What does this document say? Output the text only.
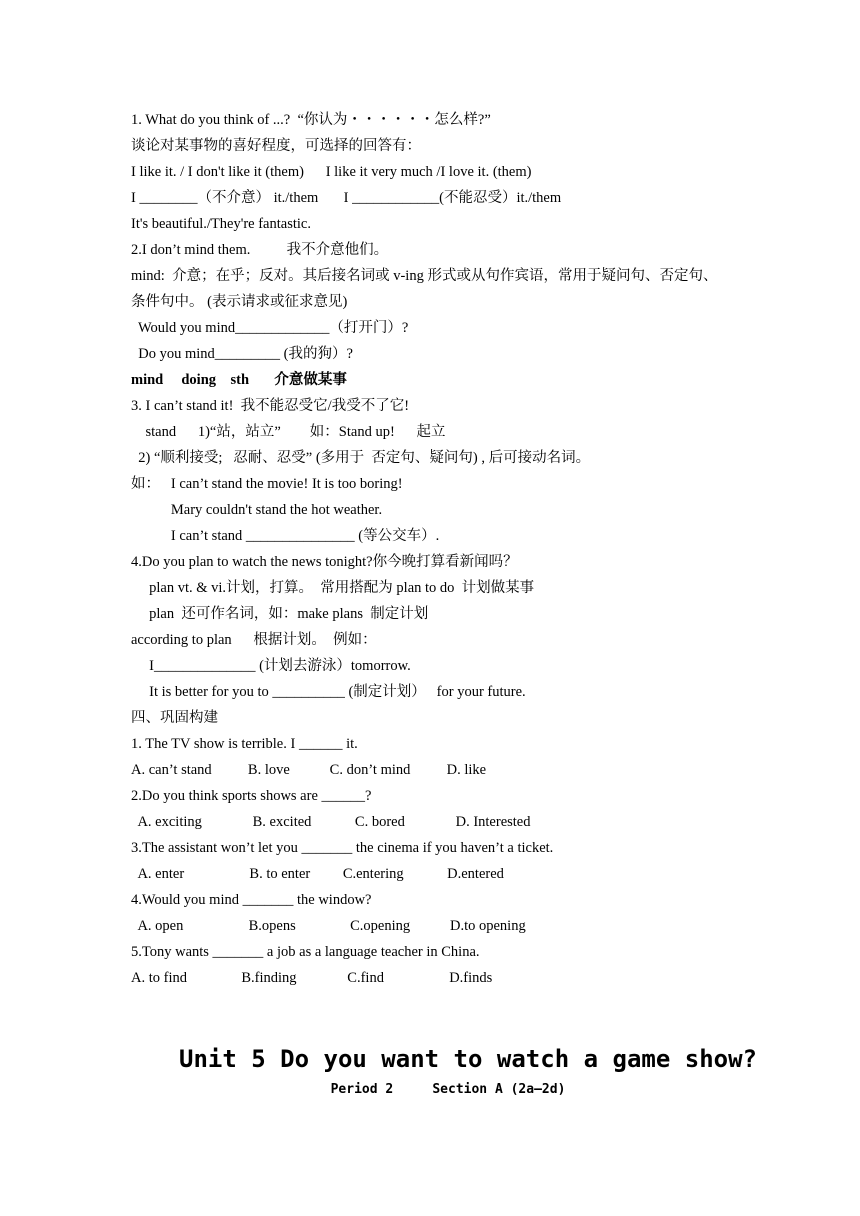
1. What do you think of ...?  “你认为・・・・・・怎么样?”
谈论对某事物的喜好程度，可选择的回答有：
I like it. / I don't like it (them)      I like it very much /I love it. (them)
I ________（不介意） it./them       I ____________(不能忍受）it./them
It's beautiful./They're fantastic.
2.I don’t mind them.          我不介意他们。
mind:  介意；在乎；反对。其后接名词或 v-ing 形式或从句作宾语，常用于疑问句、否定句、
条件句中。 (表示请求或征求意见)
Would you mind_____________（打开门）?
Do you mind_________ (我的狗）?
mind     doing    sth       介意做某事
3. I can’t stand it!  我不能忍受它/我受不了它!
stand      1)“站，站立”        如：Stand up!      起立
2) “顺利接受;   忍耐、忍受” (多用于  否定句、疑问句) , 后可接动名词。
如：   I can’t stand the movie! It is too boring!
Mary couldn't stand the hot weather.
I can’t stand _______________ (等公交车）.
4.Do you plan to watch the news tonight?你今晚打算看新闻吗？
plan vt. & vi.计划，打算。  常用搭配为 plan to do  计划做某事
plan  还可作名词，如：make plans  制定计划
according to plan      根据计划。  例如：
I______________ (计划去游泳）tomorrow.
It is better for you to __________ (制定计划）   for your future.
四、巩固构建
1. The TV show is terrible. I ______ it.
A. can’t stand          B. love           C. don’t mind          D. like
2.Do you think sports shows are ______?
A. exciting              B. excited            C. bored              D. Interested
3.The assistant won’t let you _______ the cinema if you haven’t a ticket.
A. enter                  B. to enter         C.entering            D.entered
4.Would you mind _______ the window?
A. open                  B.opens               C.opening           D.to opening
5.Tony wants _______ a job as a language teacher in China.
A. to find               B.finding              C.find                  D.finds
Unit 5 Do you want to watch a game show?
Period 2     Section A (2a—2d)
